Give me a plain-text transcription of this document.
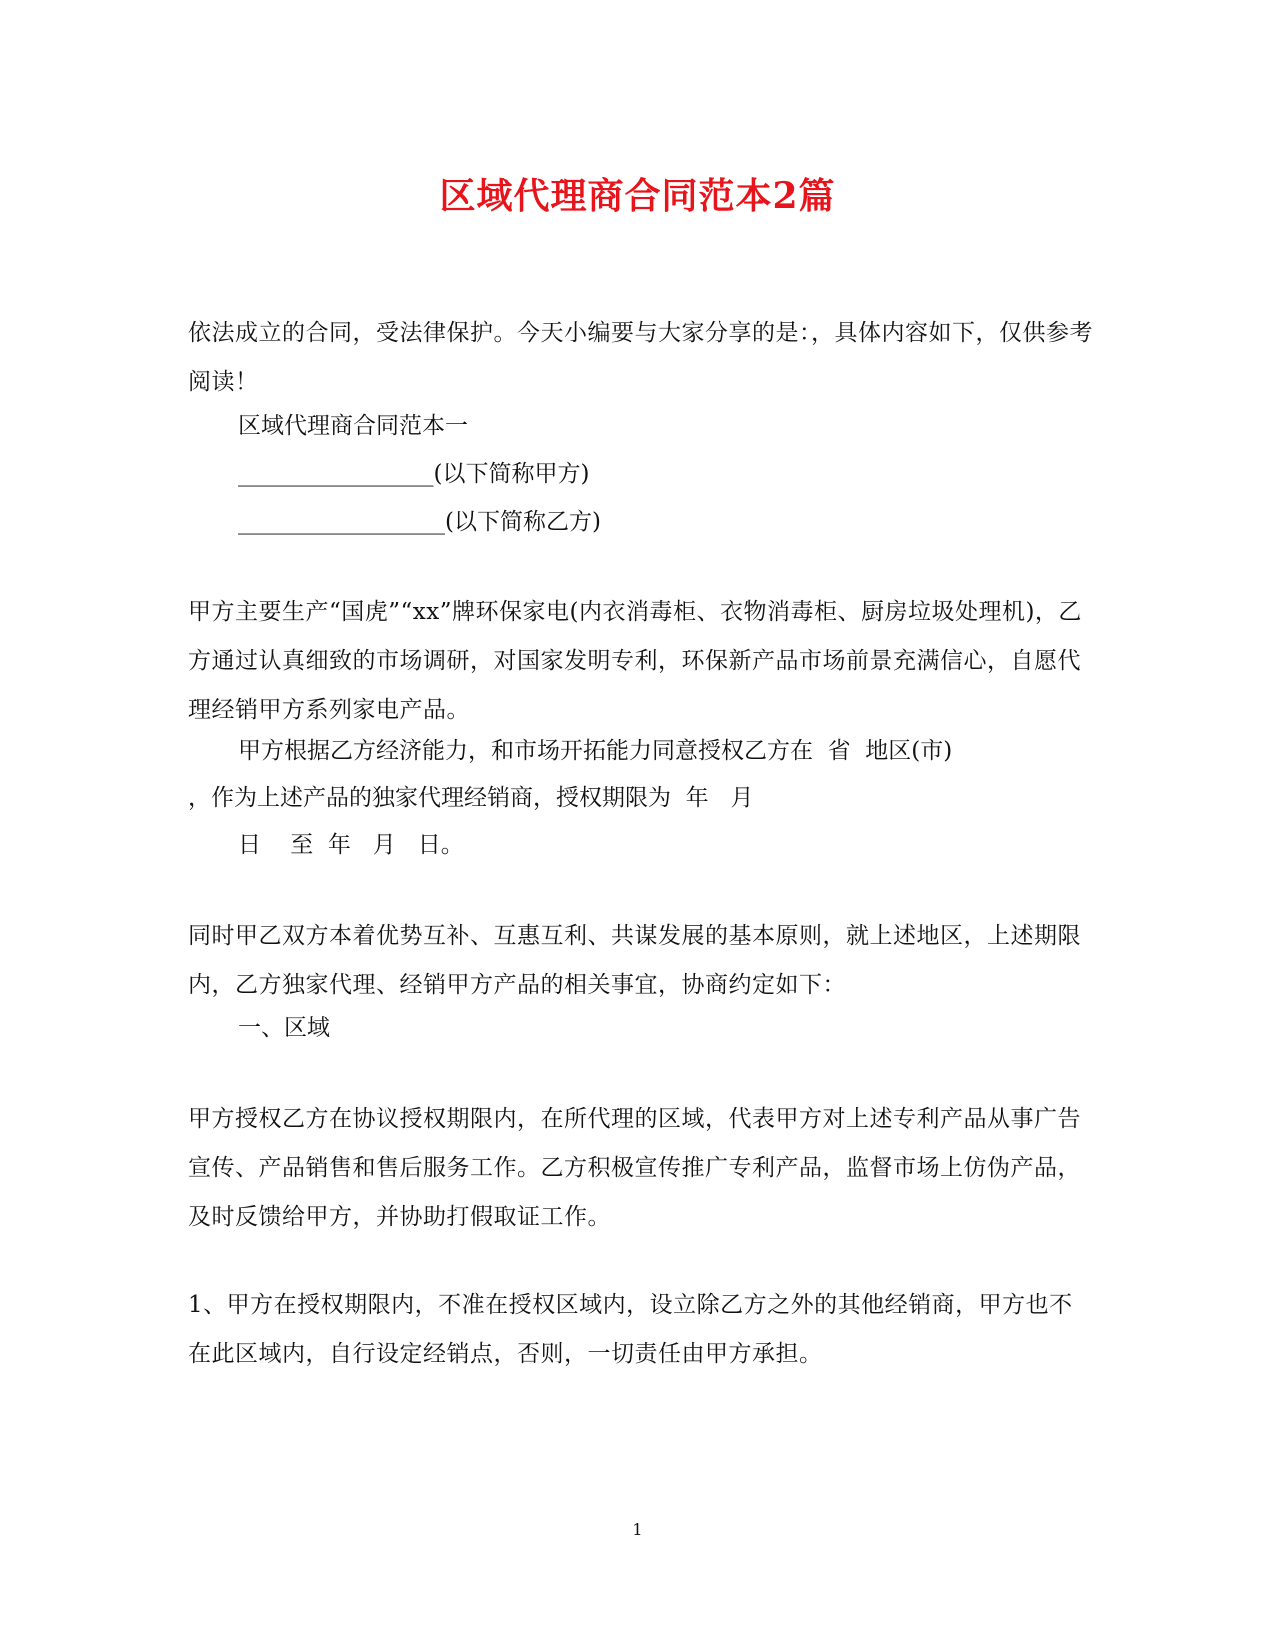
区域代理商合同范本2篇

依法成立的合同，受法律保护。今天小编要与大家分享的是：，具体内容如下，仅供参考阅读！

区域代理商合同范本一

_________________(以下简称甲方)

__________________(以下简称乙方)

甲方主要生产“国虎”“xx”牌环保家电(内衣消毒柜、衣物消毒柜、厨房垃圾处理机)，乙方通过认真细致的市场调研，对国家发明专利，环保新产品市场前景充满信心，自愿代理经销甲方系列家电产品。

甲方根据乙方经济能力，和市场开拓能力同意授权乙方在  省  地区(市)

，作为上述产品的独家代理经销商，授权期限为  年   月

日    至  年   月   日。

同时甲乙双方本着优势互补、互惠互利、共谋发展的基本原则，就上述地区，上述期限内，乙方独家代理、经销甲方产品的相关事宜，协商约定如下：

一、区域

甲方授权乙方在协议授权期限内，在所代理的区域，代表甲方对上述专利产品从事广告宣传、产品销售和售后服务工作。乙方积极宣传推广专利产品，监督市场上仿伪产品，及时反馈给甲方，并协助打假取证工作。

1、甲方在授权期限内，不准在授权区域内，设立除乙方之外的其他经销商，甲方也不在此区域内，自行设定经销点，否则，一切责任由甲方承担。

1
